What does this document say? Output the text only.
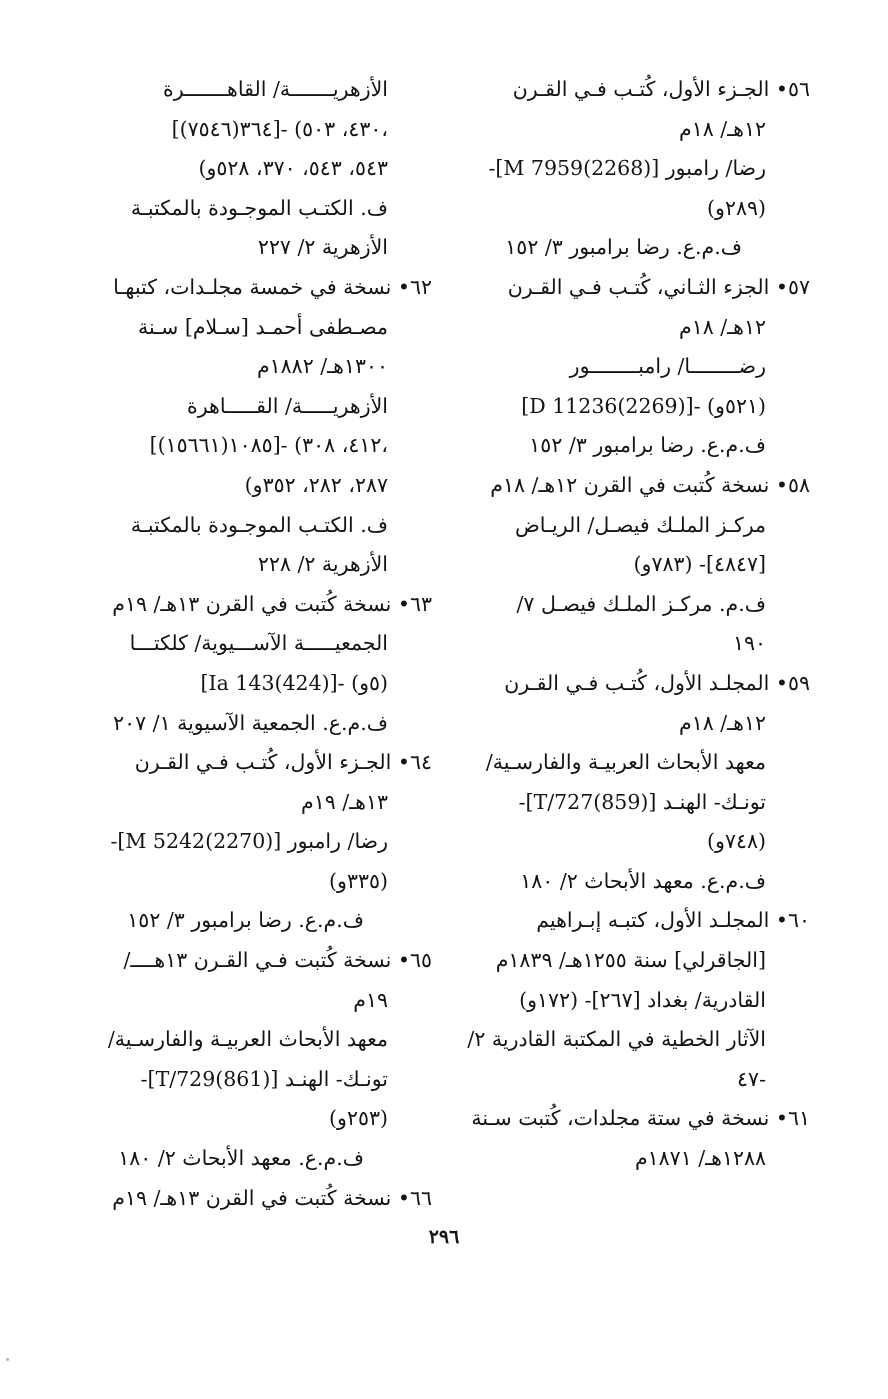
٥٦• الجـزء الأول، كُتـب فـي القـرن
١٢هـ/ ١٨م
رضا/ رامبور [M 7959(2268)]-
(٢٨٩و)
ف.م.ع. رضا برامبور ٣/ ١٥٢
٥٧• الجزء الثـاني، كُتـب فـي القـرن
١٢هـ/ ١٨م
رضــــــــا/ رامبــــــــور
[D 11236(2269)]- (٥٢١و)
ف.م.ع. رضا برامبور ٣/ ١٥٢
٥٨• نسخة كُتبت في القرن ١٢هـ/ ١٨م
مركـز الملـك فيصـل/ الريـاض
[٤٨٤٧]- (٧٨٣و)
ف.م. مركـز الملـك فيصـل ٧/
١٩٠
٥٩• المجلـد الأول، كُتـب فـي القـرن
١٢هـ/ ١٨م
معهد الأبحاث العربيـة والفارسـية/
تونـك- الهنـد [T/727(859)]-
(٧٤٨و)
ف.م.ع. معهد الأبحاث ٢/ ١٨٠
٦٠• المجلـد الأول، كتبـه إبـراهيم
[الجاقرلي] سنة ١٢٥٥هـ/ ١٨٣٩م
القادرية/ بغداد [٢٦٧]- (١٧٢و)
الآثار الخطية في المكتبة القادرية ٢/
٤٧-
٦١• نسخة في ستة مجلدات، كُتبت سـنة
١٢٨٨هـ/ ١٨٧١م
الأزهريـــــــة/ القاهـــــــرة
[٣٦٤(٧٥٤٦)]- (٤٣٠، ٥٠٣،
٥٤٣، ٥٤٣، ٣٧٠، ٥٢٨و)
ف. الكتـب الموجـودة بالمكتبـة
الأزهرية ٢/ ٢٢٧
٦٢• نسخة في خمسة مجلـدات، كتبهـا
مصـطفى أحمـد [سـلام] سـنة
١٣٠٠هـ/ ١٨٨٢م
الأزهريـــــة/ القـــــاهرة
[١٠٨٥(١٥٦٦١)]- (٤١٢، ٣٠٨،
٢٨٧، ٢٨٢، ٣٥٢و)
ف. الكتـب الموجـودة بالمكتبـة
الأزهرية ٢/ ٢٢٨
٦٣• نسخة كُتبت في القرن ١٣هـ/ ١٩م
الجمعيـــــة الآســـيوية/ كلكتـــا
[Ia 143(424)]- (٥و)
ف.م.ع. الجمعية الآسيوية ١/ ٢٠٧
٦٤• الجـزء الأول، كُتـب فـي القـرن
١٣هـ/ ١٩م
رضا/ رامبور [M 5242(2270)]-
(٣٣٥و)
ف.م.ع. رضا برامبور ٣/ ١٥٢
٦٥• نسخة كُتبت فـي القـرن ١٣هــــ/
١٩م
معهد الأبحاث العربيـة والفارسـية/
تونـك- الهنـد [T/729(861)]-
(٢٥٣و)
ف.م.ع. معهد الأبحاث ٢/ ١٨٠
٦٦• نسخة كُتبت في القرن ١٣هـ/ ١٩م
٢٩٦
